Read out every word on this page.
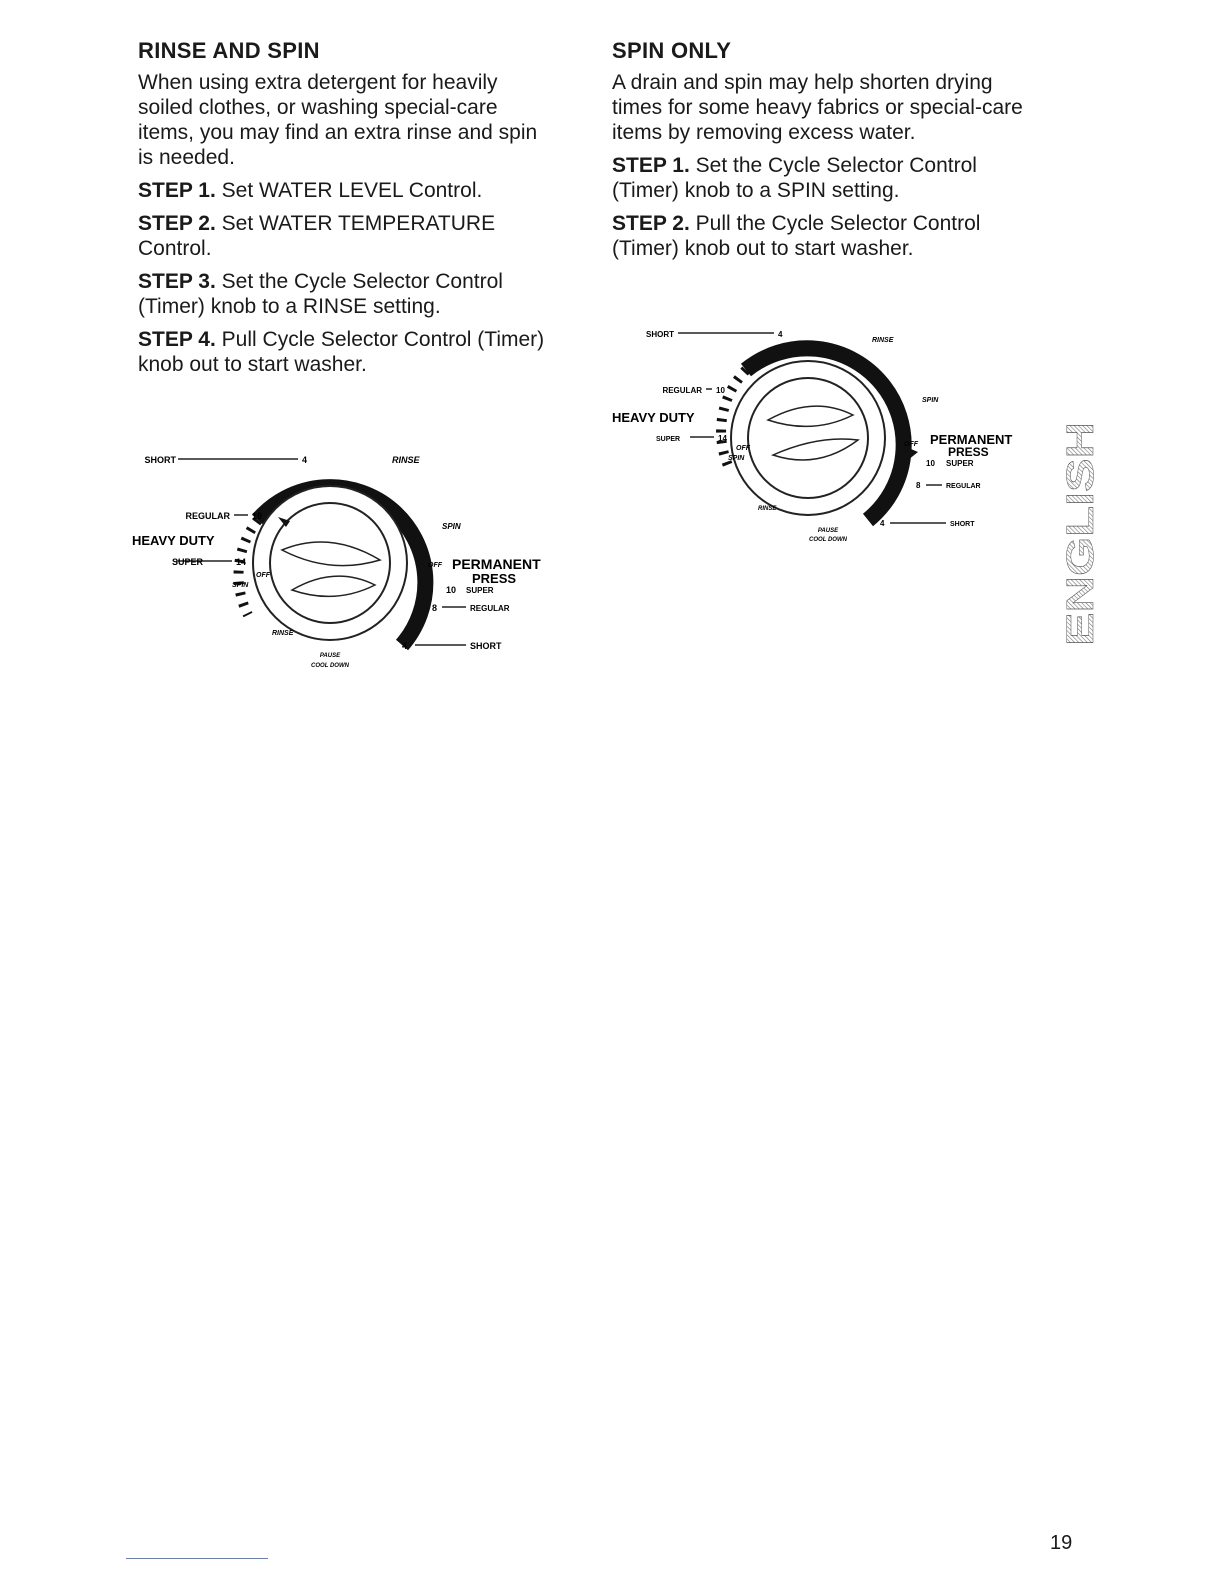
RINSE AND SPIN

When using extra detergent for heavily soiled clothes, or washing special-care items, you may find an extra rinse and spin is needed.

STEP 1. Set WATER LEVEL Control.

STEP 2. Set WATER TEMPERATURE Control.

STEP 3. Set the Cycle Selector Control (Timer) knob to a RINSE setting.

STEP 4. Pull Cycle Selector Control (Timer) knob out to start washer.

SPIN ONLY

A drain and spin may help shorten drying times for some heavy fabrics or special-care items by removing excess water.

STEP 1. Set the Cycle Selector Control (Timer) knob to a SPIN setting.

STEP 2. Pull the Cycle Selector Control (Timer) knob out to start washer.

SHORT	4	RINSE
REGULAR 10
HEAVY DUTY
SUPER	14
OFF
SPIN
SPIN
OFF PERMANENT
PRESS
10 SUPER
8	REGULAR
RINSE
4	SHORT
PAUSE
COOL DOWN
SHORT	4
RINSE
REGULAR 10
HEAVY DUTY
SUPER	14
OFF
SPIN
SPIN
OFF PERMANENT
PRESS
10 SUPER
8	REGULAR
RINSE
4	SHORT
PAUSE
COOL DOWN	ENGLISH
19
